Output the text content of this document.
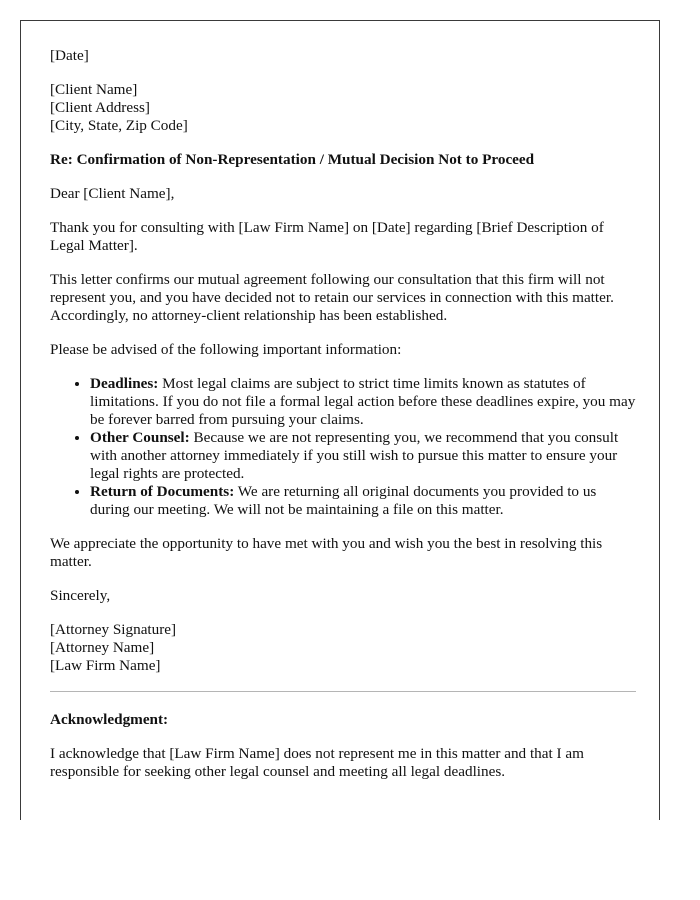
[Date]

[Client Name]
[Client Address]
[City, State, Zip Code]

Re: Confirmation of Non-Representation / Mutual Decision Not to Proceed

Dear [Client Name],

Thank you for consulting with [Law Firm Name] on [Date] regarding [Brief Description of Legal Matter].

This letter confirms our mutual agreement following our consultation that this firm will not represent you, and you have decided not to retain our services in connection with this matter. Accordingly, no attorney-client relationship has been established.

Please be advised of the following important information:

• Deadlines: Most legal claims are subject to strict time limits known as statutes of limitations. If you do not file a formal legal action before these deadlines expire, you may be forever barred from pursuing your claims.
• Other Counsel: Because we are not representing you, we recommend that you consult with another attorney immediately if you still wish to pursue this matter to ensure your legal rights are protected.
• Return of Documents: We are returning all original documents you provided to us during our meeting. We will not be maintaining a file on this matter.

We appreciate the opportunity to have met with you and wish you the best in resolving this matter.

Sincerely,

[Attorney Signature]
[Attorney Name]
[Law Firm Name]

Acknowledgment:

I acknowledge that [Law Firm Name] does not represent me in this matter and that I am responsible for seeking other legal counsel and meeting all legal deadlines.
